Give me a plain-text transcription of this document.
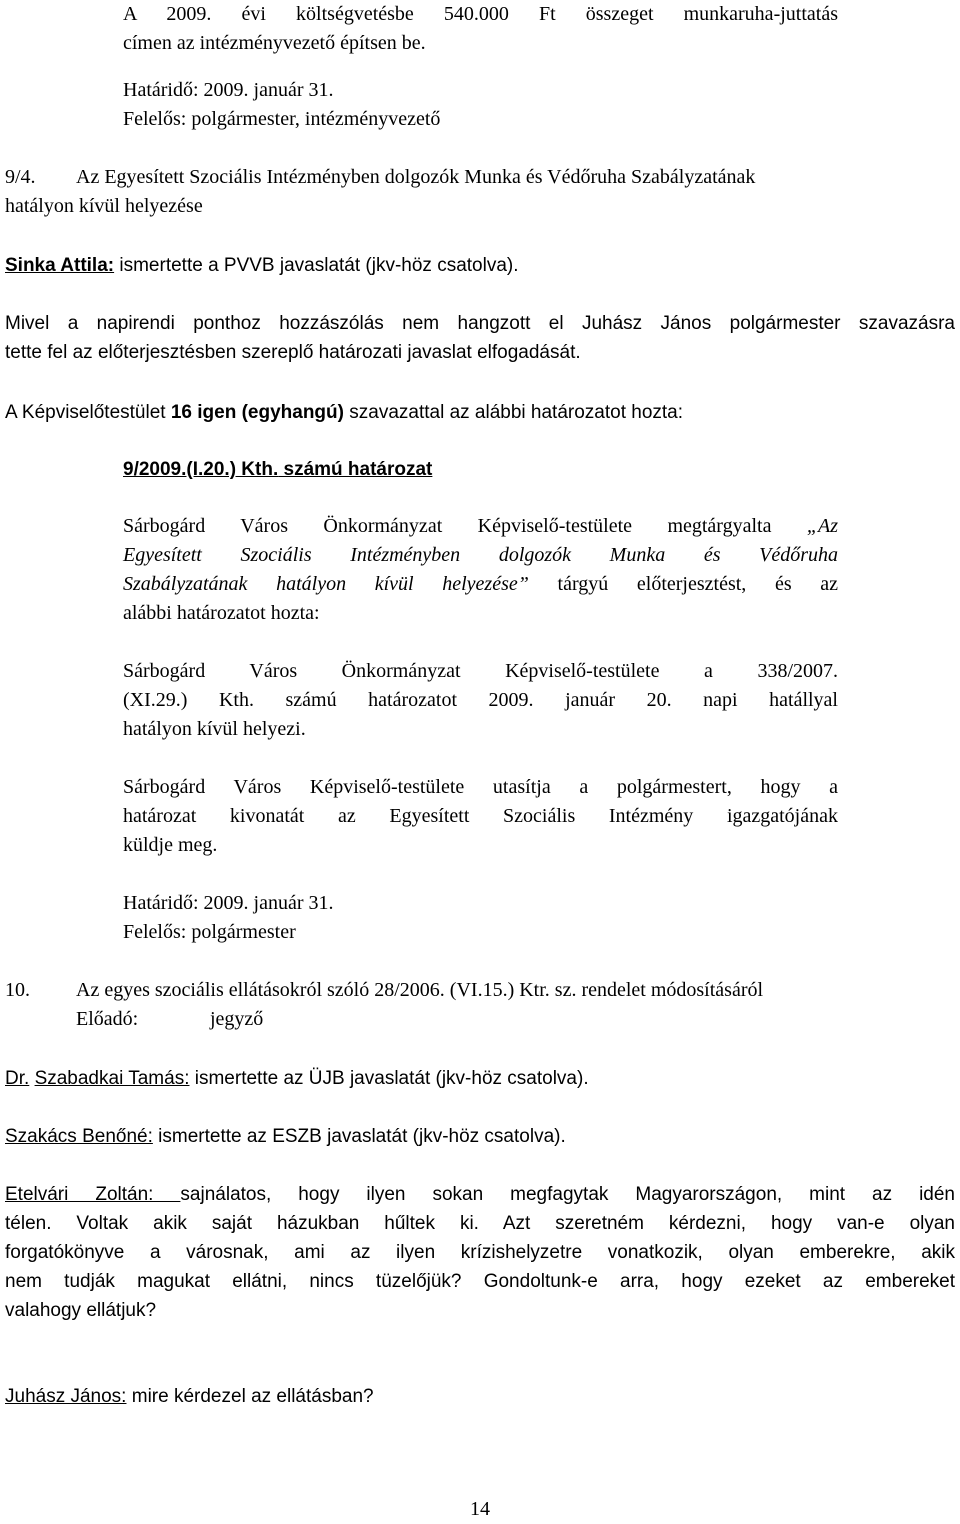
A 2009. évi költségvetésbe 540.000 Ft összeget munkaruha-juttatás
címen az intézményvezető építsen be.
Határidő: 2009. január 31.
Felelős: polgármester, intézményvezető
9/4. Az Egyesített Szociális Intézményben dolgozók Munka és Védőruha Szabályzatának
hatályon kívül helyezése
Sinka Attila: ismertette a PVVB javaslatát (jkv-höz csatolva).
Mivel a napirendi ponthoz hozzászólás nem hangzott el Juhász János polgármester szavazásra
tette fel az előterjesztésben szereplő határozati javaslat elfogadását.
A Képviselőtestület 16 igen (egyhangú) szavazattal az alábbi határozatot hozta:
9/2009.(I.20.) Kth. számú határozat
Sárbogárd Város Önkormányzat Képviselő-testülete megtárgyalta „Az
Egyesített Szociális Intézményben dolgozók Munka és Védőruha
Szabályzatának hatályon kívül helyezése” tárgyú előterjesztést, és az
alábbi határozatot hozta:
Sárbogárd Város Önkormányzat Képviselő-testülete a 338/2007.
(XI.29.) Kth. számú határozatot 2009. január 20. napi hatállyal
hatályon kívül helyezi.
Sárbogárd Város Képviselő-testülete utasítja a polgármestert, hogy a
határozat kivonatát az Egyesített Szociális Intézmény igazgatójának
küldje meg.
Határidő: 2009. január 31.
Felelős: polgármester
10. Az egyes szociális ellátásokról szóló 28/2006. (VI.15.) Ktr. sz. rendelet módosításáról
Előadó:	jegyző
Dr. Szabadkai Tamás: ismertette az ÜJB javaslatát (jkv-höz csatolva).
Szakács Benőné: ismertette az ESZB javaslatát (jkv-höz csatolva).
Etelvári Zoltán: sajnálatos, hogy ilyen sokan megfagytak Magyarországon, mint az idén
télen. Voltak akik saját házukban hűltek ki. Azt szeretném kérdezni, hogy van-e olyan
forgatókönyve a városnak, ami az ilyen krízishelyzetre vonatkozik, olyan emberekre, akik
nem tudják magukat ellátni, nincs tüzelőjük? Gondoltunk-e arra, hogy ezeket az embereket
valahogy ellátjuk?
Juhász János: mire kérdezel az ellátásban?
14
